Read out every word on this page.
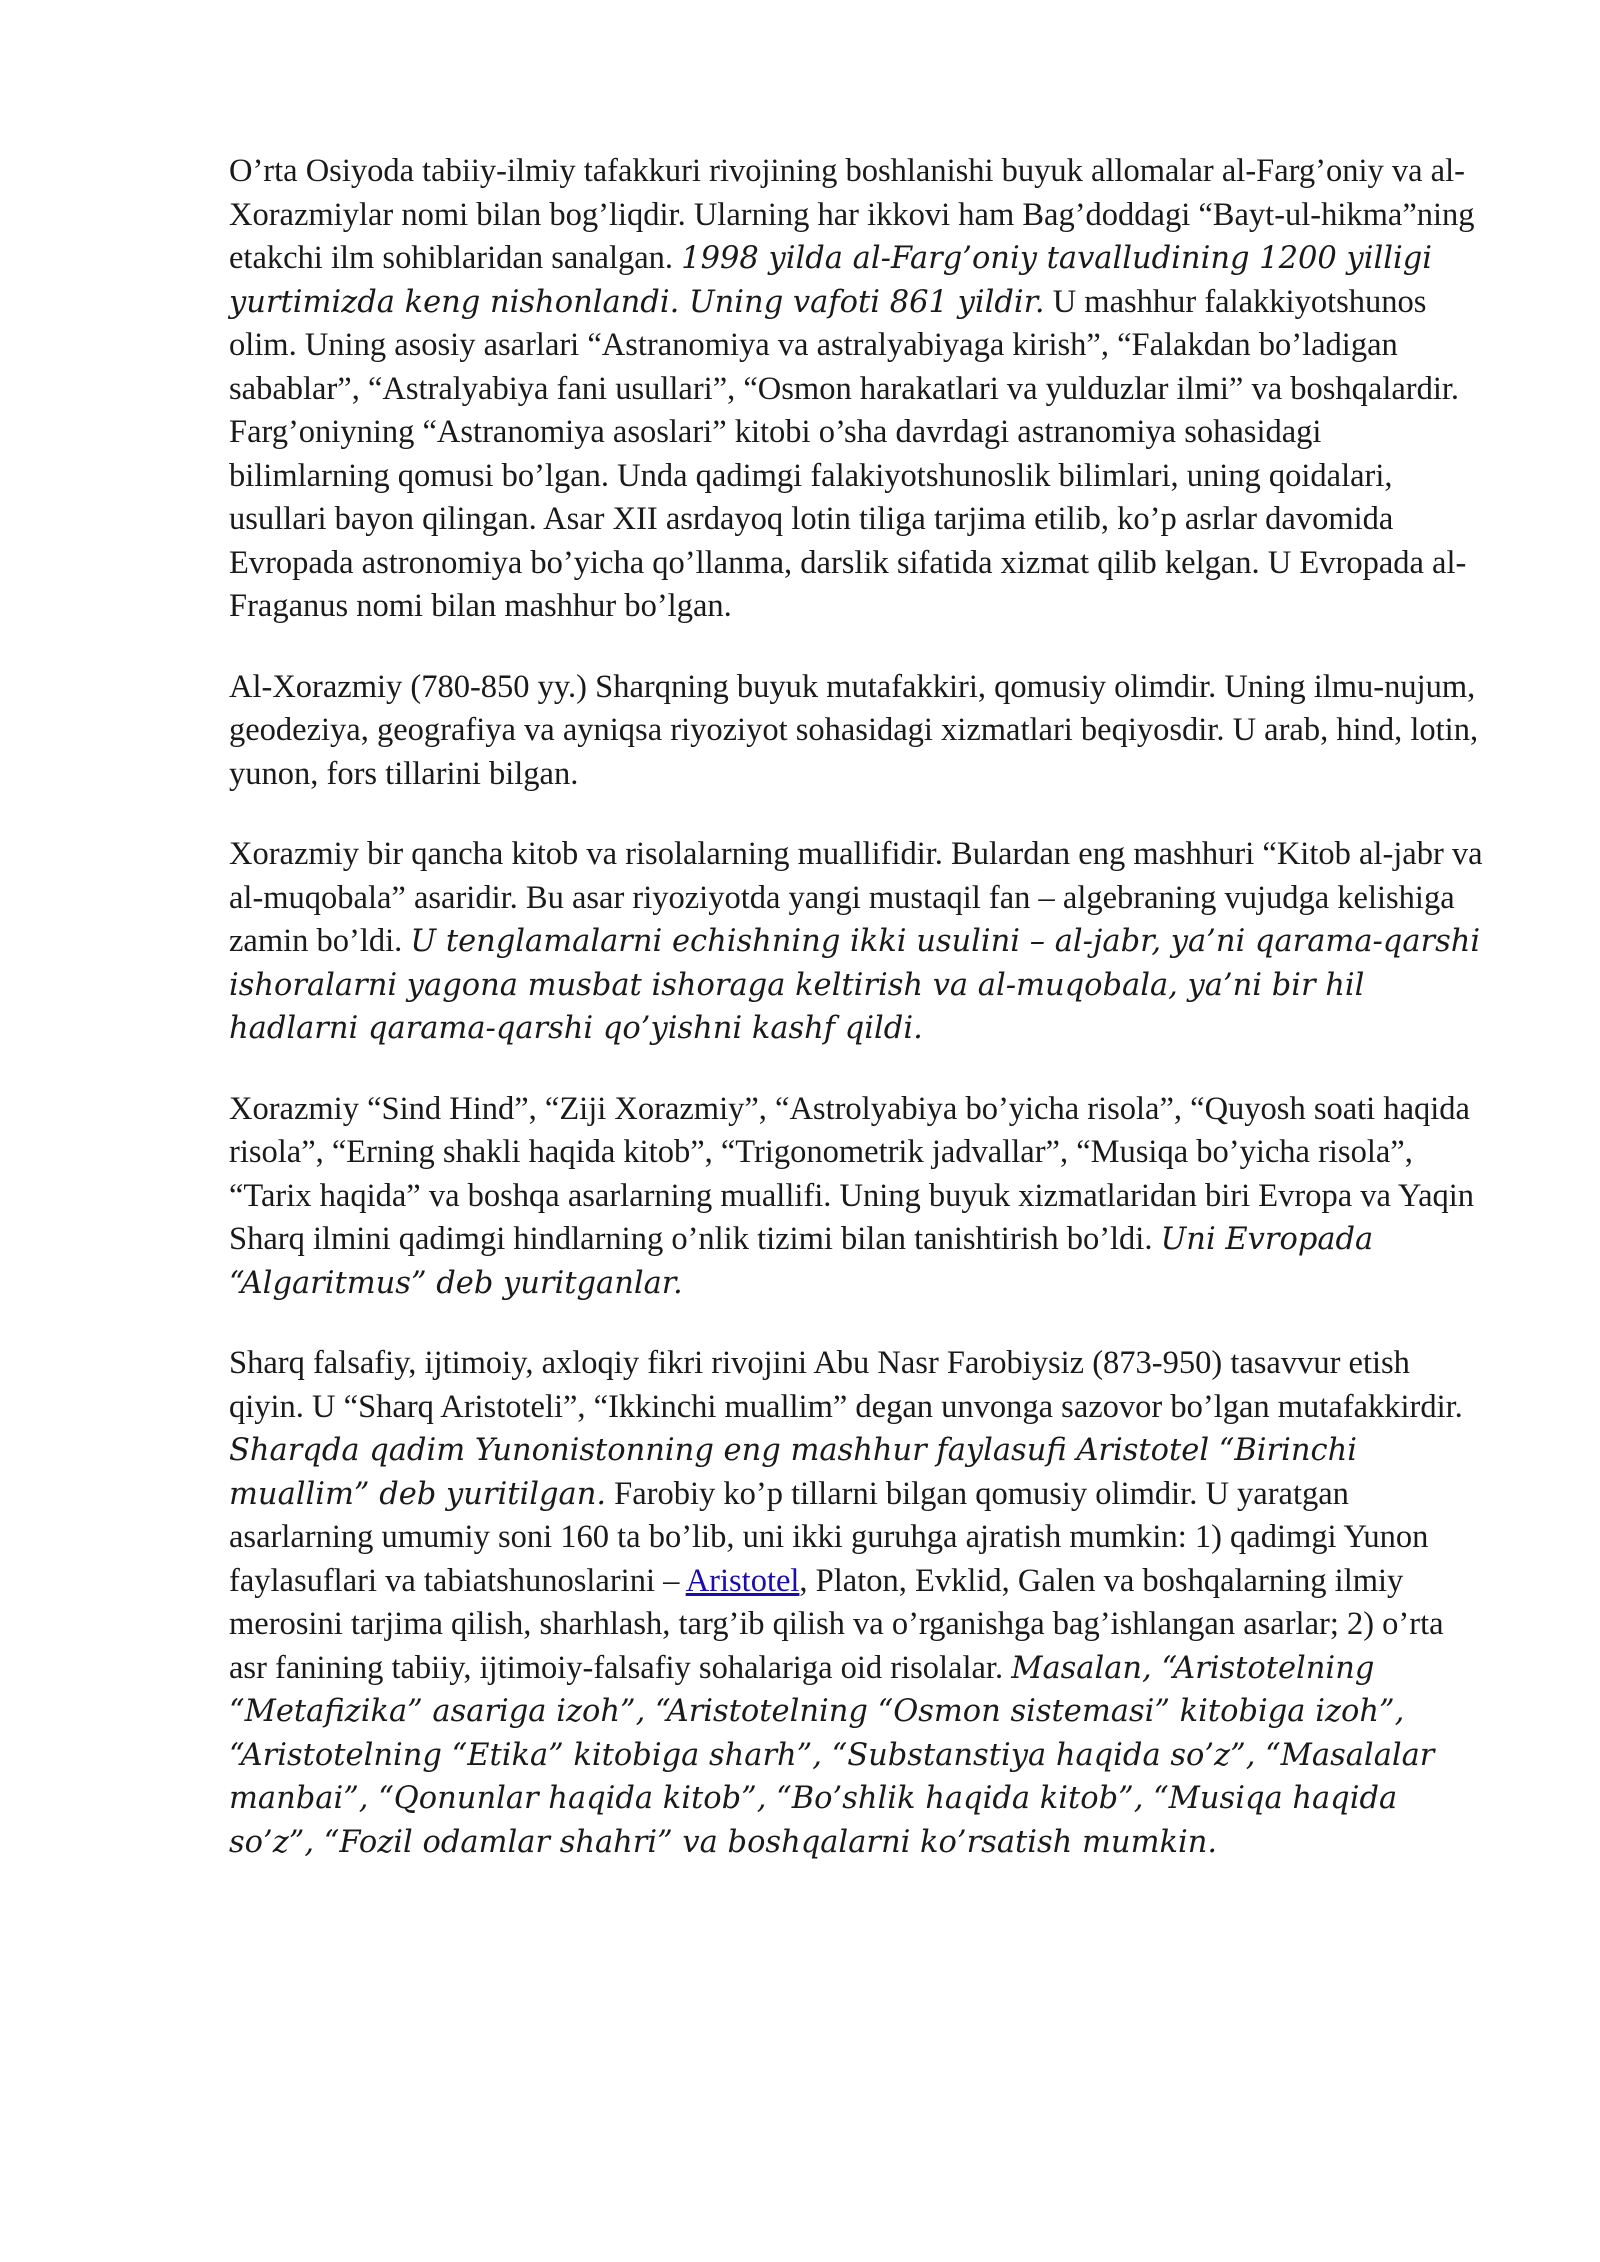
O’rta Osiyoda tabiiy-ilmiy tafakkuri rivojining boshlanishi buyuk allomalar al-Farg’oniy va al-Xorazmiylar nomi bilan bog’liqdir. Ularning har ikkovi ham Bag’doddagi “Bayt-ul-hikma”ning etakchi ilm sohiblaridan sanalgan. 1998 yilda al-Farg’oniy tavalludining 1200 yilligi yurtimizda keng nishonlandi. Uning vafoti 861 yildir. U mashhur falakkiyotshunos olim. Uning asosiy asarlari “Astranomiya va astralyabiyaga kirish”, “Falakdan bo’ladigan sabablar”, “Astralyabiya fani usullari”, “Osmon harakatlari va yulduzlar ilmi” va boshqalardir. Farg’oniyning “Astranomiya asoslari” kitobi o’sha davrdagi astranomiya sohasidagi bilimlarning qomusi bo’lgan. Unda qadimgi falakiyotshunoslik bilimlari, uning qoidalari, usullari bayon qilingan. Asar XII asrdayoq lotin tiliga tarjima etilib, ko’p asrlar davomida Evropada astronomiya bo’yicha qo’llanma, darslik sifatida xizmat qilib kelgan. U Evropada al-Fraganus nomi bilan mashhur bo’lgan.

Al-Xorazmiy (780-850 yy.) Sharqning buyuk mutafakkiri, qomusiy olimdir. Uning ilmu-nujum, geodeziya, geografiya va ayniqsa riyoziyot sohasidagi xizmatlari beqiyosdir. U arab, hind, lotin, yunon, fors tillarini bilgan.

Xorazmiy bir qancha kitob va risolalarning muallifidir. Bulardan eng mashhuri “Kitob al-jabr va al-muqobala” asaridir. Bu asar riyoziyotda yangi mustaqil fan – algebraning vujudga kelishiga zamin bo’ldi. U tenglamalarni echishning ikki usulini – al-jabr, ya’ni qarama-qarshi ishoralarni yagona musbat ishoraga keltirish va al-muqobala, ya’ni bir hil hadlarni qarama-qarshi qo’yishni kashf qildi.

Xorazmiy “Sind Hind”, “Ziji Xorazmiy”, “Astrolyabiya bo’yicha risola”, “Quyosh soati haqida risola”, “Erning shakli haqida kitob”, “Trigonometrik jadvallar”, “Musiqa bo’yicha risola”, “Tarix haqida” va boshqa asarlarning muallifi. Uning buyuk xizmatlaridan biri Evropa va Yaqin Sharq ilmini qadimgi hindlarning o’nlik tizimi bilan tanishtirish bo’ldi. Uni Evropada “Algaritmus” deb yuritganlar.

Sharq falsafiy, ijtimoiy, axloqiy fikri rivojini Abu Nasr Farobiysiz (873-950) tasavvur etish qiyin. U “Sharq Aristoteli”, “Ikkinchi muallim” degan unvonga sazovor bo’lgan mutafakkirdir. Sharqda qadim Yunonistonning eng mashhur faylasufi Aristotel “Birinchi muallim” deb yuritilgan. Farobiy ko’p tillarni bilgan qomusiy olimdir. U yaratgan asarlarning umumiy soni 160 ta bo’lib, uni ikki guruhga ajratish mumkin: 1) qadimgi Yunon faylasuflari va tabiatshunoslarini – Aristotel, Platon, Evklid, Galen va boshqalarning ilmiy merosini tarjima qilish, sharhlash, targ’ib qilish va o’rganishga bag’ishlangan asarlar; 2) o’rta asr fanining tabiiy, ijtimoiy-falsafiy sohalariga oid risolalar. Masalan, “Aristotelning “Metafizika” asariga izoh”, “Aristotelning “Osmon sistemasi” kitobiga izoh”, “Aristotelning “Etika” kitobiga sharh”, “Substanstiya haqida so’z”, “Masalalar manbai”, “Qonunlar haqida kitob”, “Bo’shlik haqida kitob”, “Musiqa haqida so’z”, “Fozil odamlar shahri” va boshqalarni ko’rsatish mumkin.
